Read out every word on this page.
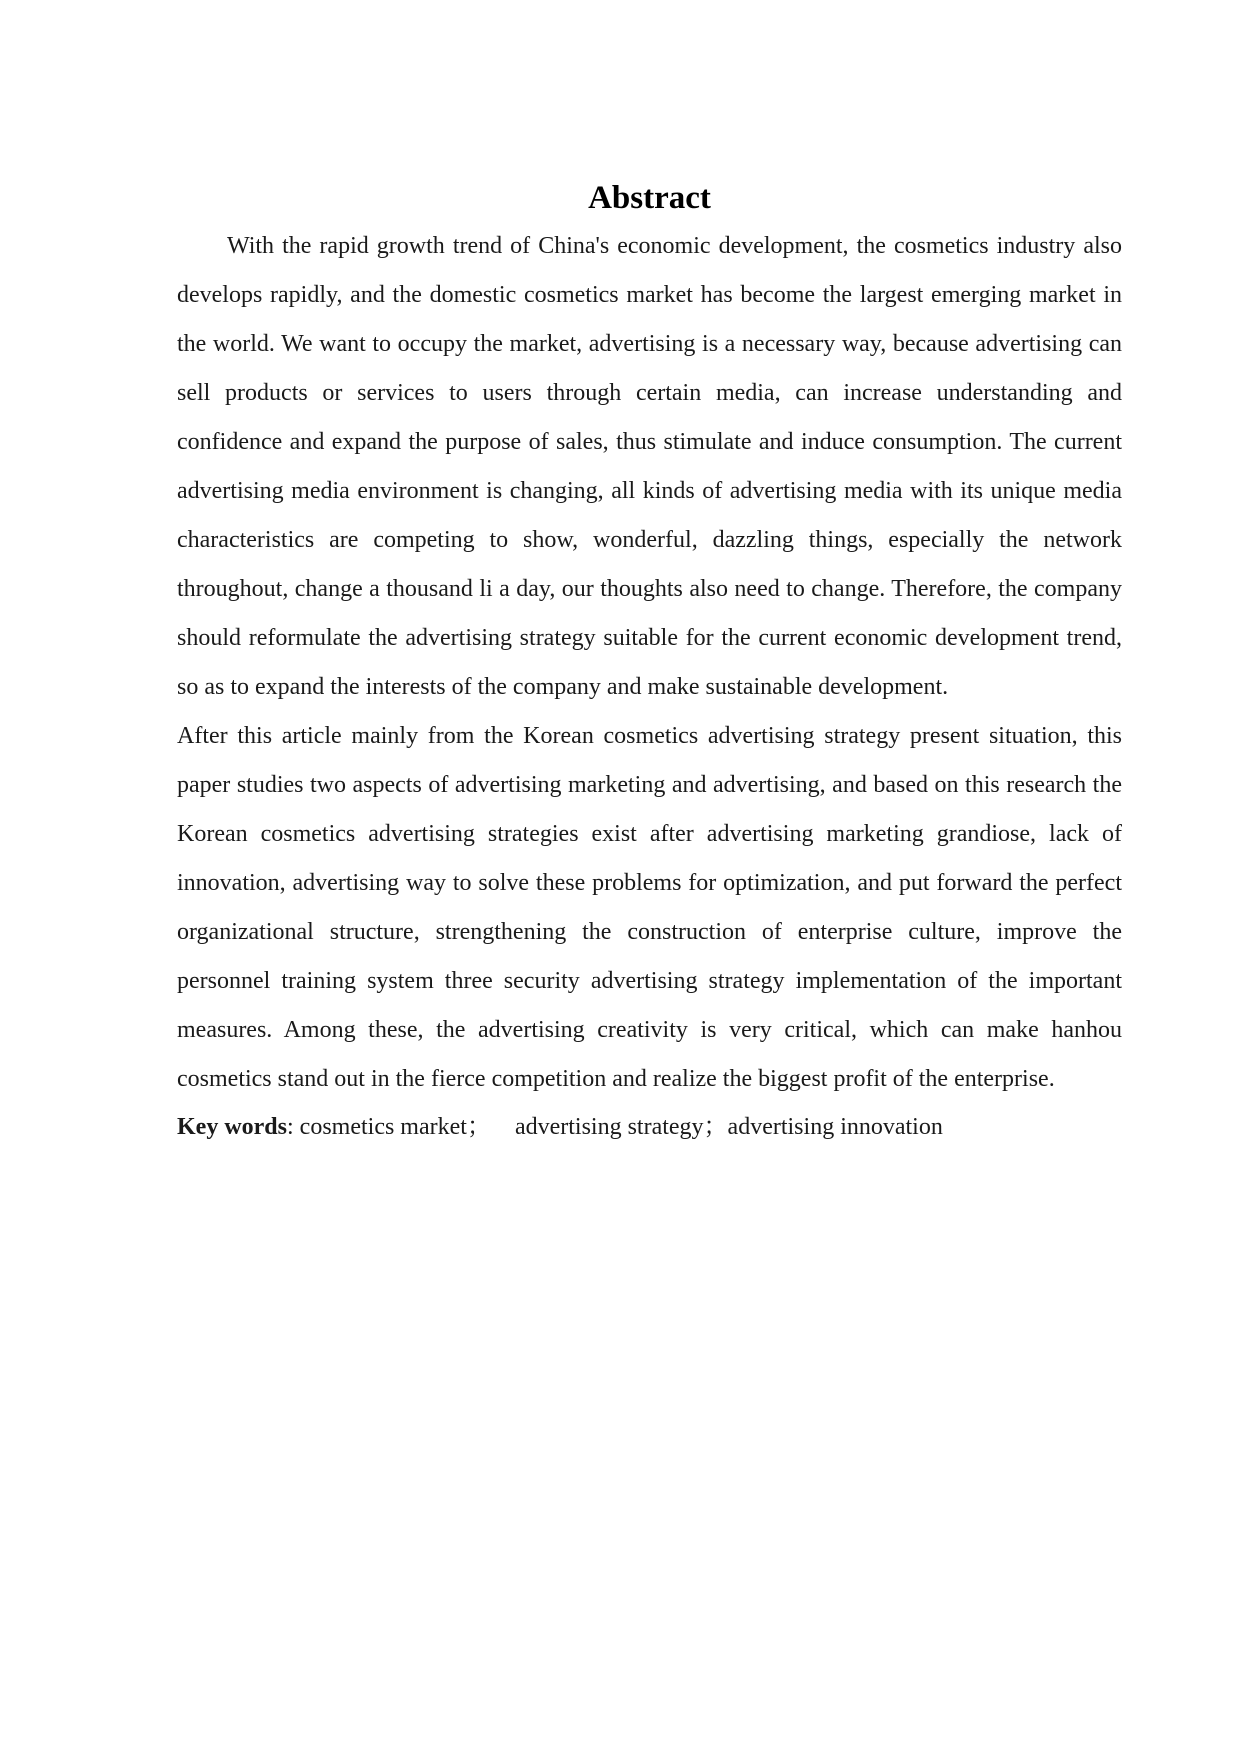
Abstract

With the rapid growth trend of China's economic development, the cosmetics industry also develops rapidly, and the domestic cosmetics market has become the largest emerging market in the world. We want to occupy the market, advertising is a necessary way, because advertising can sell products or services to users through certain media, can increase understanding and confidence and expand the purpose of sales, thus stimulate and induce consumption. The current advertising media environment is changing, all kinds of advertising media with its unique media characteristics are competing to show, wonderful, dazzling things, especially the network throughout, change a thousand li a day, our thoughts also need to change. Therefore, the company should reformulate the advertising strategy suitable for the current economic development trend, so as to expand the interests of the company and make sustainable development.

After this article mainly from the Korean cosmetics advertising strategy present situation, this paper studies two aspects of advertising marketing and advertising, and based on this research the Korean cosmetics advertising strategies exist after advertising marketing grandiose, lack of innovation, advertising way to solve these problems for optimization, and put forward the perfect organizational structure, strengthening the construction of enterprise culture, improve the personnel training system three security advertising strategy implementation of the important measures. Among these, the advertising creativity is very critical, which can make hanhou cosmetics stand out in the fierce competition and realize the biggest profit of the enterprise.

Key words: cosmetics market；    advertising strategy；advertising innovation
